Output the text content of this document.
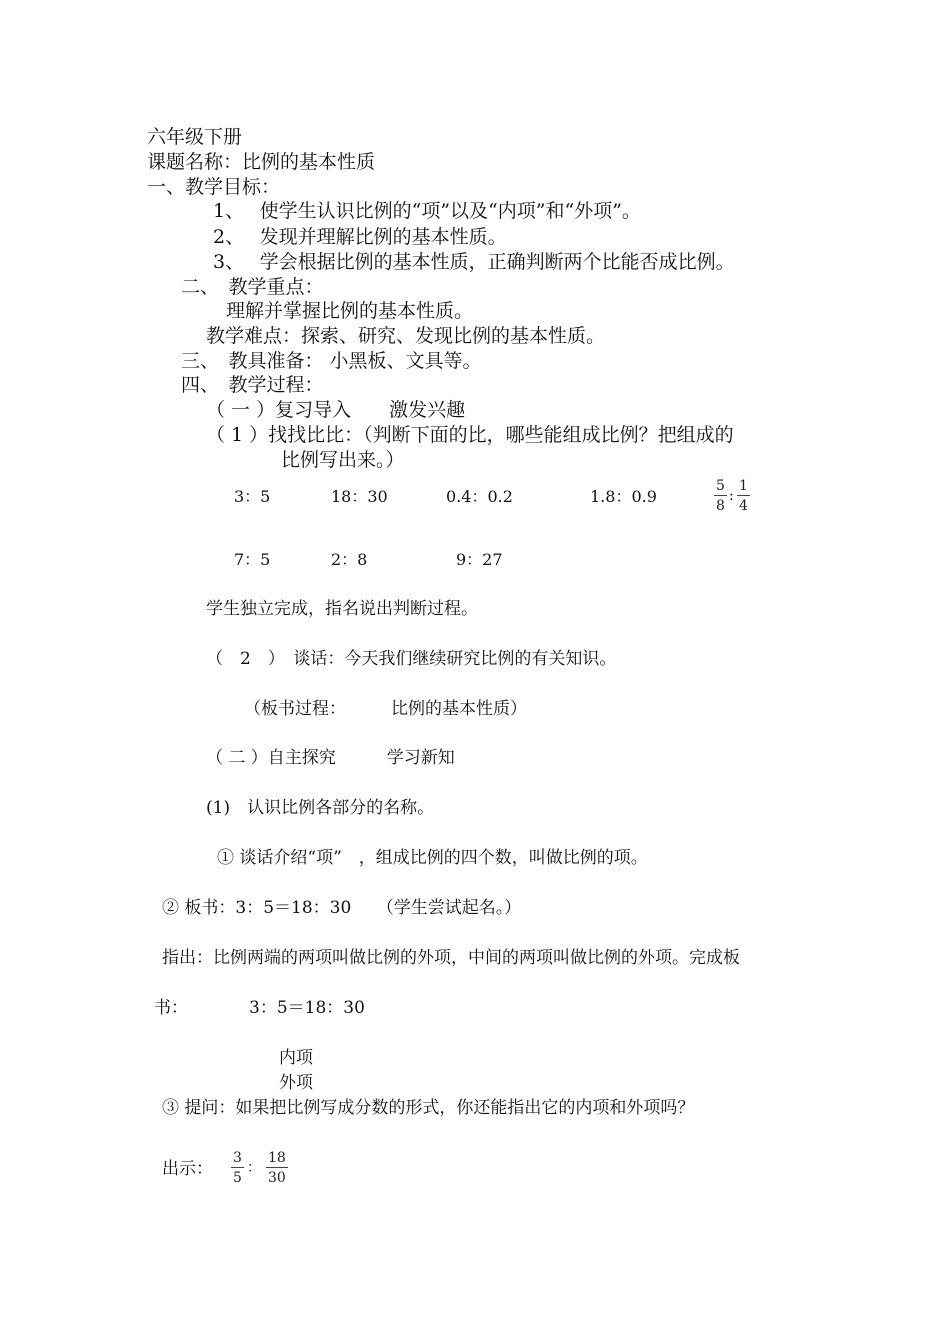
六年级下册
课题名称：比例的基本性质
一、教学目标：
1、　 使学生认识比例的“项”以及“内项”和“外项”。
2、　 发现并理解比例的基本性质。
3、　 学会根据比例的基本性质，正确判断两个比能否成比例。
二、　教学重点：
理解并掌握比例的基本性质。
教学难点：探索、研究、发现比例的基本性质。
三、　教具准备： 小黑板、文具等。
四、　教学过程：
（ 一 ）复习导入　　激发兴趣
（ 1 ）找找比比：（判断下面的比，哪些能组成比例？把组成的
比例写出来。）
3：5	18：30	0.4：0.2	1.8：0.9
5
8
:
1
4
7：5	2：8	9：27
学生独立完成，指名说出判断过程。
（　2　）　谈话：今天我们继续研究比例的有关知识。
（板书过程：	比例的基本性质）
（ 二 ）自主探究　　　学习新知
(1)　认识比例各部分的名称。
① 谈话介绍“项”　，组成比例的四个数，叫做比例的项。
② 板书：3：5＝18：30　　（学生尝试起名。）
指出：比例两端的两项叫做比例的外项，中间的两项叫做比例的外项。完成板
书：	3：5＝18：30
内项
外项
③ 提问：如果把比例写成分数的形式，你还能指出它的内项和外项吗？
出示：
3
5
：
18
30
